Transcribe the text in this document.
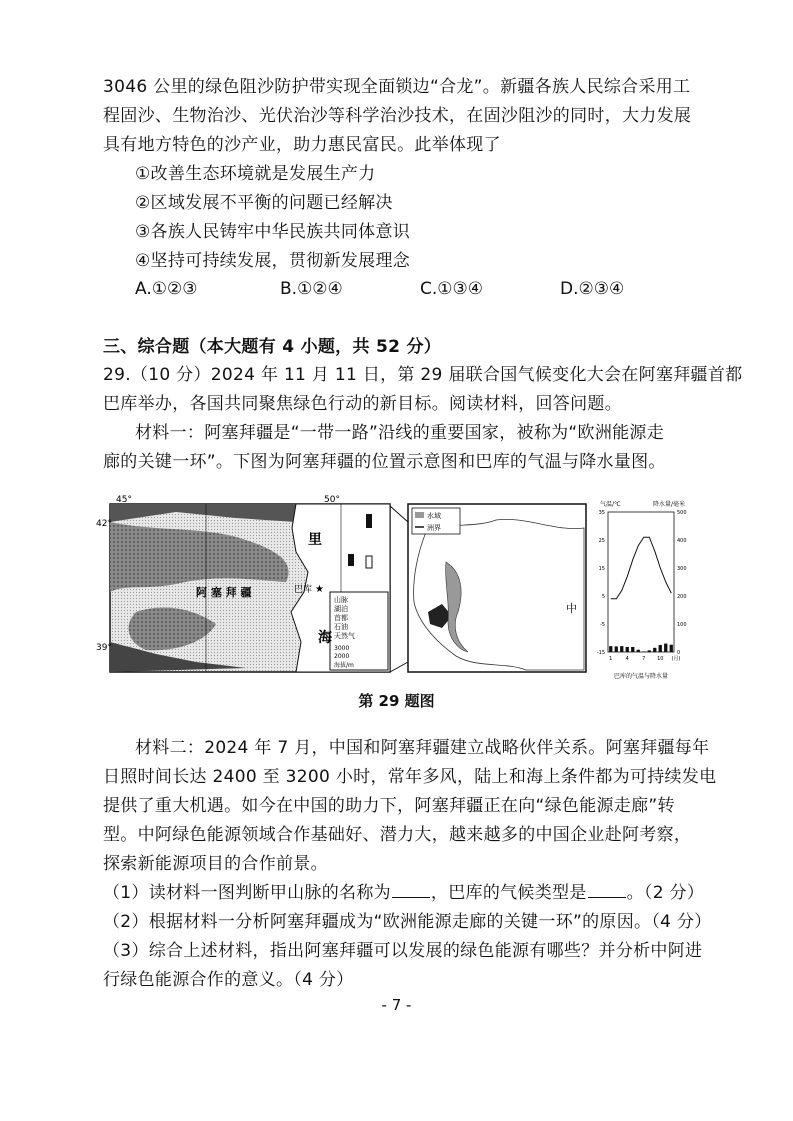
3046 公里的绿色阻沙防护带实现全面锁边“合龙”。新疆各族人民综合采用工
程固沙、生物治沙、光伏治沙等科学治沙技术，在固沙阻沙的同时，大力发展
具有地方特色的沙产业，助力惠民富民。此举体现了
①改善生态环境就是发展生产力
②区域发展不平衡的问题已经解决
③各族人民铸牢中华民族共同体意识
④坚持可持续发展，贯彻新发展理念
A.①②③	B.①②④	C.①③④	D.②③④
三、综合题（本大题有 4 小题，共 52 分）
29.（10 分）2024 年 11 月 11 日，第 29 届联合国气候变化大会在阿塞拜疆首都
巴库举办，各国共同聚焦绿色行动的新目标。阅读材料，回答问题。
材料一：阿塞拜疆是“一带一路”沿线的重要国家，被称为“欧洲能源走
廊的关键一环”。下图为阿塞拜疆的位置示意图和巴库的气温与降水量图。
45°	50°
42°
39°
里
海
阿 塞 拜 疆	巴库 ★
山脉
湖泊
首都
石油
天然气
3000
2000
海拔/m
水域
洲界
中
气温/℃	降水量/毫米
35
25
15
5
-5
-15
500
400
300
200
100
0
1	4	7 10 (月)
巴库的气温与降水量
第 29 题图
材料二：2024 年 7 月，中国和阿塞拜疆建立战略伙伴关系。阿塞拜疆每年
日照时间长达 2400 至 3200 小时，常年多风，陆上和海上条件都为可持续发电
提供了重大机遇。如今在中国的助力下，阿塞拜疆正在向“绿色能源走廊”转
型。中阿绿色能源领域合作基础好、潜力大，越来越多的中国企业赴阿考察，
探索新能源项目的合作前景。
（1）读材料一图判断甲山脉的名称为 ，巴库的气候类型是 。（2 分）
（2）根据材料一分析阿塞拜疆成为“欧洲能源走廊的关键一环”的原因。（4 分）
（3）综合上述材料，指出阿塞拜疆可以发展的绿色能源有哪些？并分析中阿进
行绿色能源合作的意义。（4 分）
- 7 -
